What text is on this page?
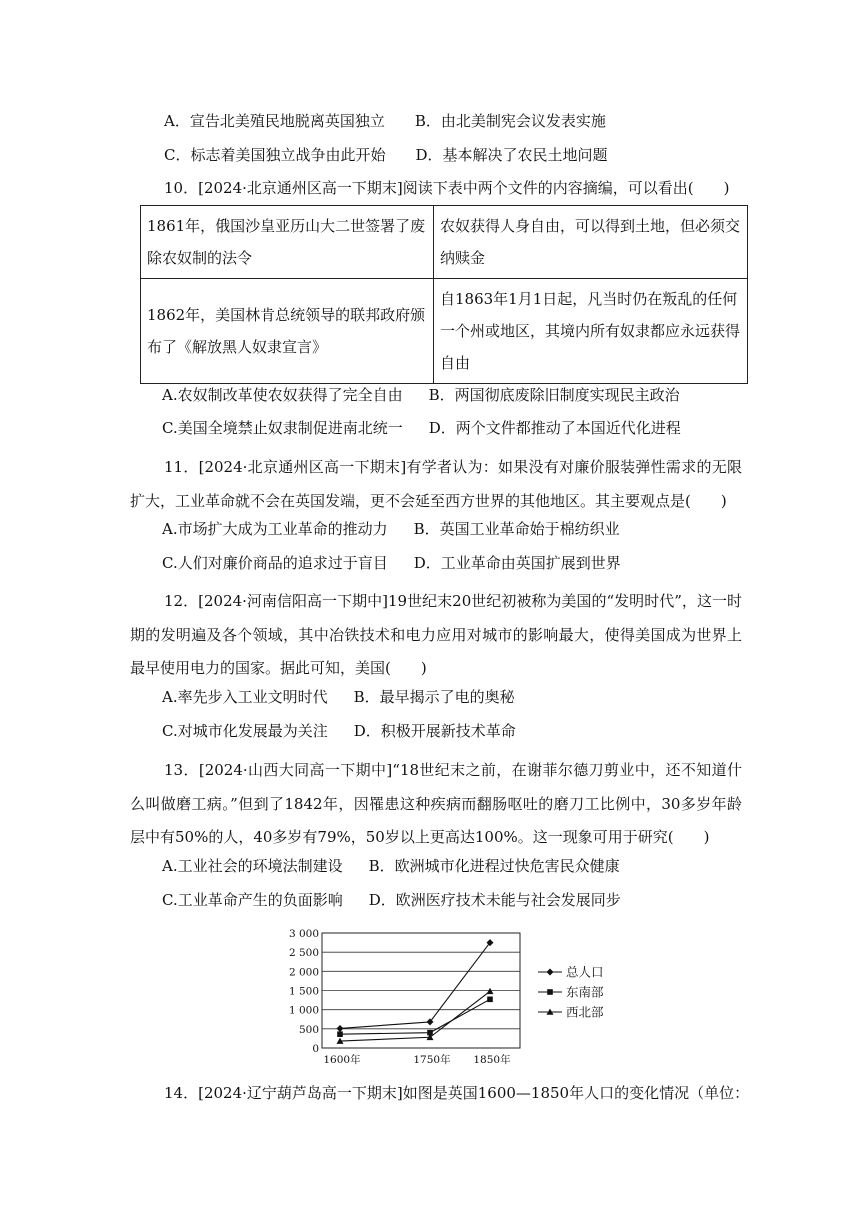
A．宣告北美殖民地脱离英国独立 B．由北美制宪会议发表实施
C．标志着美国独立战争由此开始 D．基本解决了农民土地问题
10．[2024·北京通州区高一下期末]阅读下表中两个文件的内容摘编，可以看出(　　)
1861年，俄国沙皇亚历山大二世签署了废除农奴制的法令	农奴获得人身自由，可以得到土地，但必须交纳赎金
1862年，美国林肯总统领导的联邦政府颁布了《解放黑人奴隶宣言》	自1863年1月1日起，凡当时仍在叛乱的任何一个州或地区，其境内所有奴隶都应永远获得自由
A.农奴制改革使农奴获得了完全自由 B．两国彻底废除旧制度实现民主政治
C.美国全境禁止奴隶制促进南北统一 D．两个文件都推动了本国近代化进程
11．[2024·北京通州区高一下期末]有学者认为：如果没有对廉价服装弹性需求的无限扩大，工业革命就不会在英国发端，更不会延至西方世界的其他地区。其主要观点是(　　)
A.市场扩大成为工业革命的推动力 B．英国工业革命始于棉纺织业
C.人们对廉价商品的追求过于盲目 D．工业革命由英国扩展到世界
12．[2024·河南信阳高一下期中]19世纪末20世纪初被称为美国的“发明时代”，这一时期的发明遍及各个领域，其中冶铁技术和电力应用对城市的影响最大，使得美国成为世界上最早使用电力的国家。据此可知，美国(　　)
A.率先步入工业文明时代 B．最早揭示了电的奥秘
C.对城市化发展最为关注 D．积极开展新技术革命
13．[2024·山西大同高一下期中]“18世纪末之前，在谢菲尔德刀剪业中，还不知道什么叫做磨工病。”但到了1842年，因罹患这种疾病而翻肠呕吐的磨刀工比例中，30多岁年龄层中有50%的人，40多岁有79%，50岁以上更高达100%。这一现象可用于研究(　　)
A.工业社会的环境法制建设 B．欧洲城市化进程过快危害民众健康
C.工业革命产生的负面影响 D．欧洲医疗技术未能与社会发展同步
0
500
1 000
1 500
2 000
2 500
3 000
1600年	1750年 1850年
总人口
东南部
西北部
14．[2024·辽宁葫芦岛高一下期末]如图是英国1600—1850年人口的变化情况（单位：
